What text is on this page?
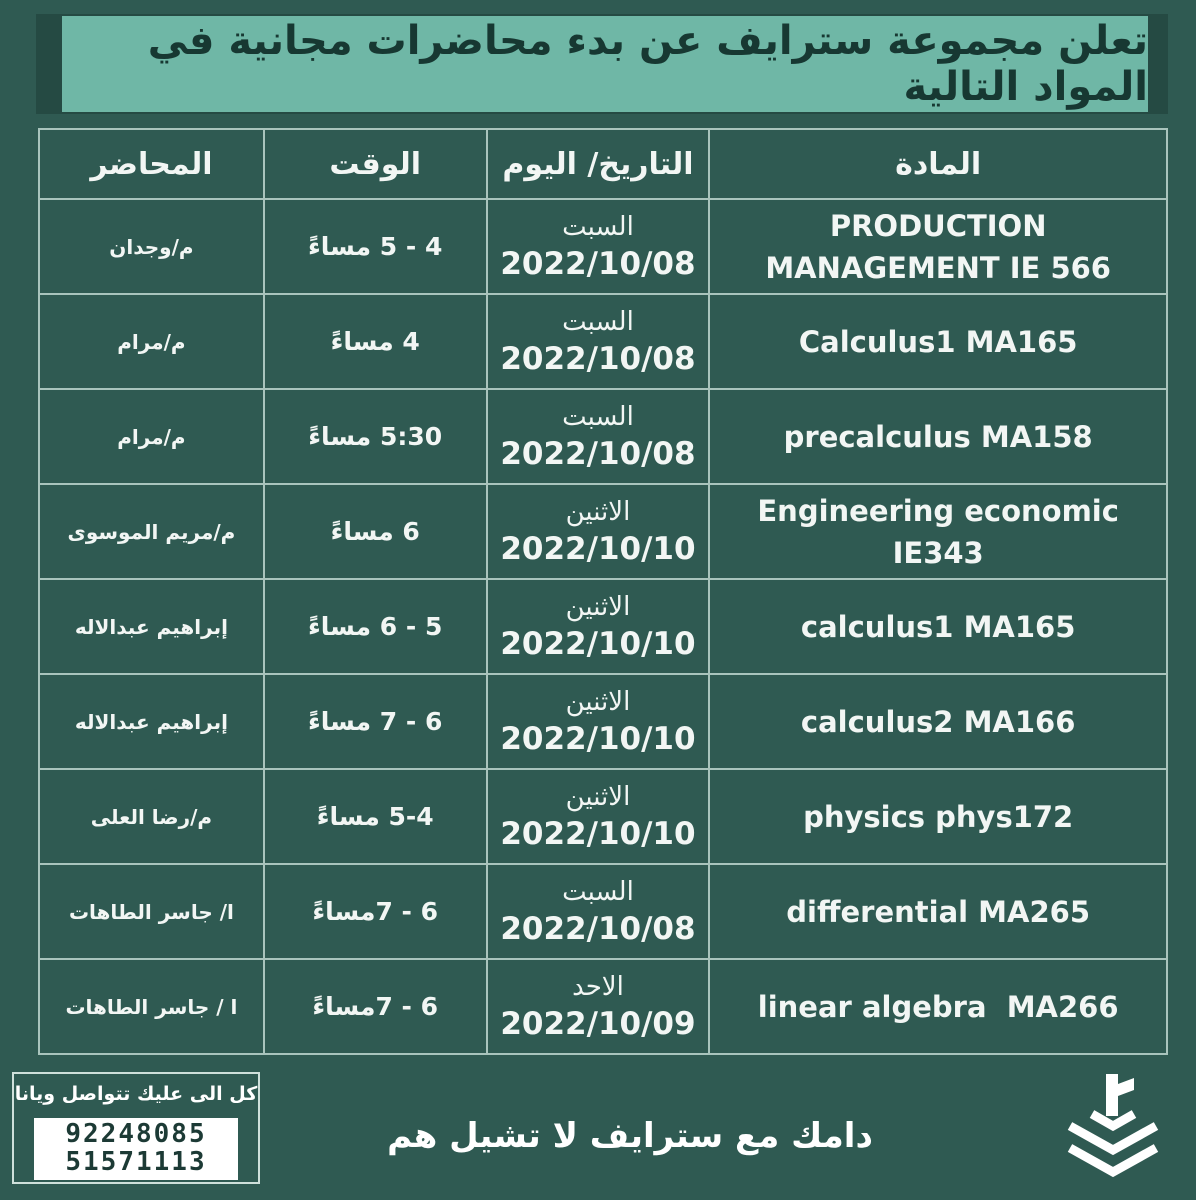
تعلن مجموعة سترايف عن بدء محاضرات مجانية في المواد التالية
المادة	التاريخ/ اليوم	الوقت	المحاضر

PRODUCTION
MANAGEMENT IE 566	السبت
2022/10/08	4 - 5 مساءً	م/وجدان

Calculus1 MA165	السبت
2022/10/08	4 مساءً	م/مرام

precalculus MA158	السبت
2022/10/08	5:30 مساءً	م/مرام

Engineering economic
IE343	الاثنين
2022/10/10	6 مساءً	م/مريم الموسوى

calculus1 MA165	الاثنين
2022/10/10	5 - 6 مساءً	إبراهيم عبدالاله

calculus2 MA166	الاثنين
2022/10/10	6 - 7 مساءً	إبراهيم عبدالاله

physics phys172	الاثنين
2022/10/10	5-4 مساءً	م/رضا العلى

differential MA265	السبت
2022/10/08	6 - 7مساءً	ا/ جاسر الطاهات

linear algebra  MA266	الاحد
2022/10/09	6 - 7مساءً	ا / جاسر الطاهات
كل الى عليك تتواصل ويانا
92248085
51571113
دامك مع سترايف لا تشيل هم
